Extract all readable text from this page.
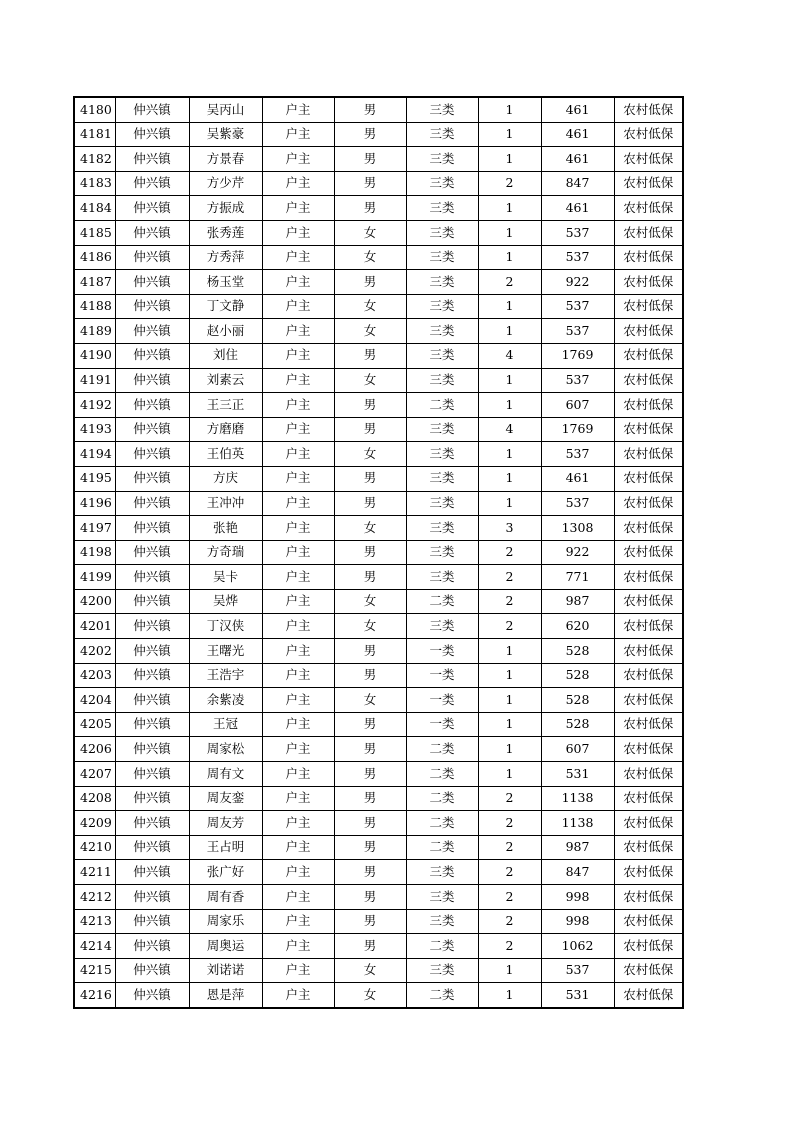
4180	仲兴镇	吴丙山	户主	男	三类	1	461	农村低保
4181	仲兴镇	吴紫豪	户主	男	三类	1	461	农村低保
4182	仲兴镇	方景春	户主	男	三类	1	461	农村低保
4183	仲兴镇	方少芹	户主	男	三类	2	847	农村低保
4184	仲兴镇	方振成	户主	男	三类	1	461	农村低保
4185	仲兴镇	张秀莲	户主	女	三类	1	537	农村低保
4186	仲兴镇	方秀萍	户主	女	三类	1	537	农村低保
4187	仲兴镇	杨玉堂	户主	男	三类	2	922	农村低保
4188	仲兴镇	丁文静	户主	女	三类	1	537	农村低保
4189	仲兴镇	赵小丽	户主	女	三类	1	537	农村低保
4190	仲兴镇	刘住	户主	男	三类	4	1769	农村低保
4191	仲兴镇	刘素云	户主	女	三类	1	537	农村低保
4192	仲兴镇	王三正	户主	男	二类	1	607	农村低保
4193	仲兴镇	方磨磨	户主	男	三类	4	1769	农村低保
4194	仲兴镇	王伯英	户主	女	三类	1	537	农村低保
4195	仲兴镇	方庆	户主	男	三类	1	461	农村低保
4196	仲兴镇	王冲冲	户主	男	三类	1	537	农村低保
4197	仲兴镇	张艳	户主	女	三类	3	1308	农村低保
4198	仲兴镇	方奇瑞	户主	男	三类	2	922	农村低保
4199	仲兴镇	吴卡	户主	男	三类	2	771	农村低保
4200	仲兴镇	吴烨	户主	女	二类	2	987	农村低保
4201	仲兴镇	丁汉侠	户主	女	三类	2	620	农村低保
4202	仲兴镇	王曙光	户主	男	一类	1	528	农村低保
4203	仲兴镇	王浩宇	户主	男	一类	1	528	农村低保
4204	仲兴镇	余紫凌	户主	女	一类	1	528	农村低保
4205	仲兴镇	王冠	户主	男	一类	1	528	农村低保
4206	仲兴镇	周家松	户主	男	二类	1	607	农村低保
4207	仲兴镇	周有文	户主	男	二类	1	531	农村低保
4208	仲兴镇	周友銮	户主	男	二类	2	1138	农村低保
4209	仲兴镇	周友芳	户主	男	二类	2	1138	农村低保
4210	仲兴镇	王占明	户主	男	二类	2	987	农村低保
4211	仲兴镇	张广好	户主	男	三类	2	847	农村低保
4212	仲兴镇	周有香	户主	男	三类	2	998	农村低保
4213	仲兴镇	周家乐	户主	男	三类	2	998	农村低保
4214	仲兴镇	周奥运	户主	男	二类	2	1062	农村低保
4215	仲兴镇	刘诺诺	户主	女	三类	1	537	农村低保
4216	仲兴镇	恩是萍	户主	女	二类	1	531	农村低保
